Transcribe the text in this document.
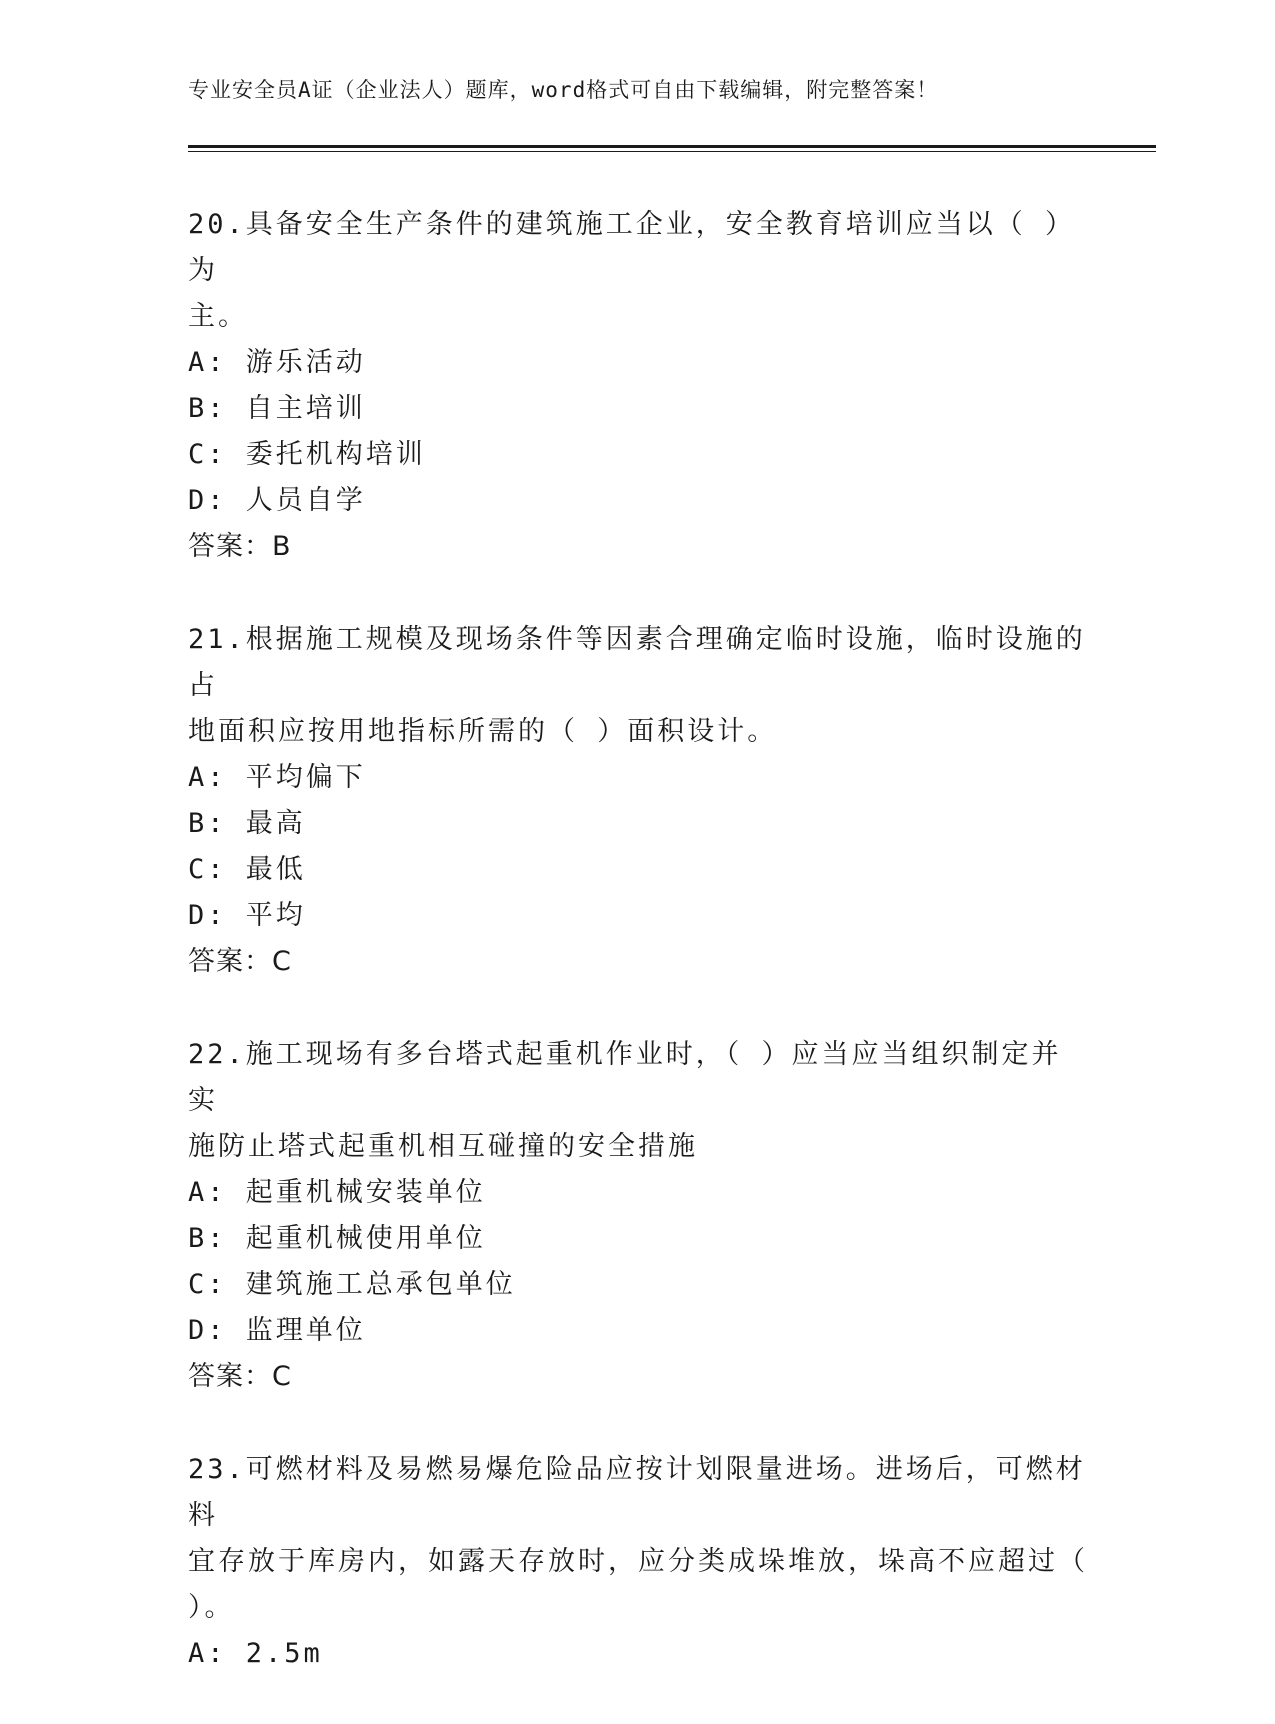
专业安全员A证（企业法人）题库，word格式可自由下载编辑，附完整答案！

20.具备安全生产条件的建筑施工企业，安全教育培训应当以（ ）为

主。

A: 游乐活动

B: 自主培训

C: 委托机构培训

D: 人员自学

答案：B

21.根据施工规模及现场条件等因素合理确定临时设施，临时设施的占

地面积应按用地指标所需的（ ）面积设计。

A: 平均偏下

B: 最高

C: 最低

D: 平均

答案：C

22.施工现场有多台塔式起重机作业时，（ ）应当应当组织制定并实

施防止塔式起重机相互碰撞的安全措施

A: 起重机械安装单位

B: 起重机械使用单位

C: 建筑施工总承包单位

D: 监理单位

答案：C

23.可燃材料及易燃易爆危险品应按计划限量进场。进场后，可燃材料

宜存放于库房内，如露天存放时，应分类成垛堆放，垛高不应超过（

）。

A: 2.5m
